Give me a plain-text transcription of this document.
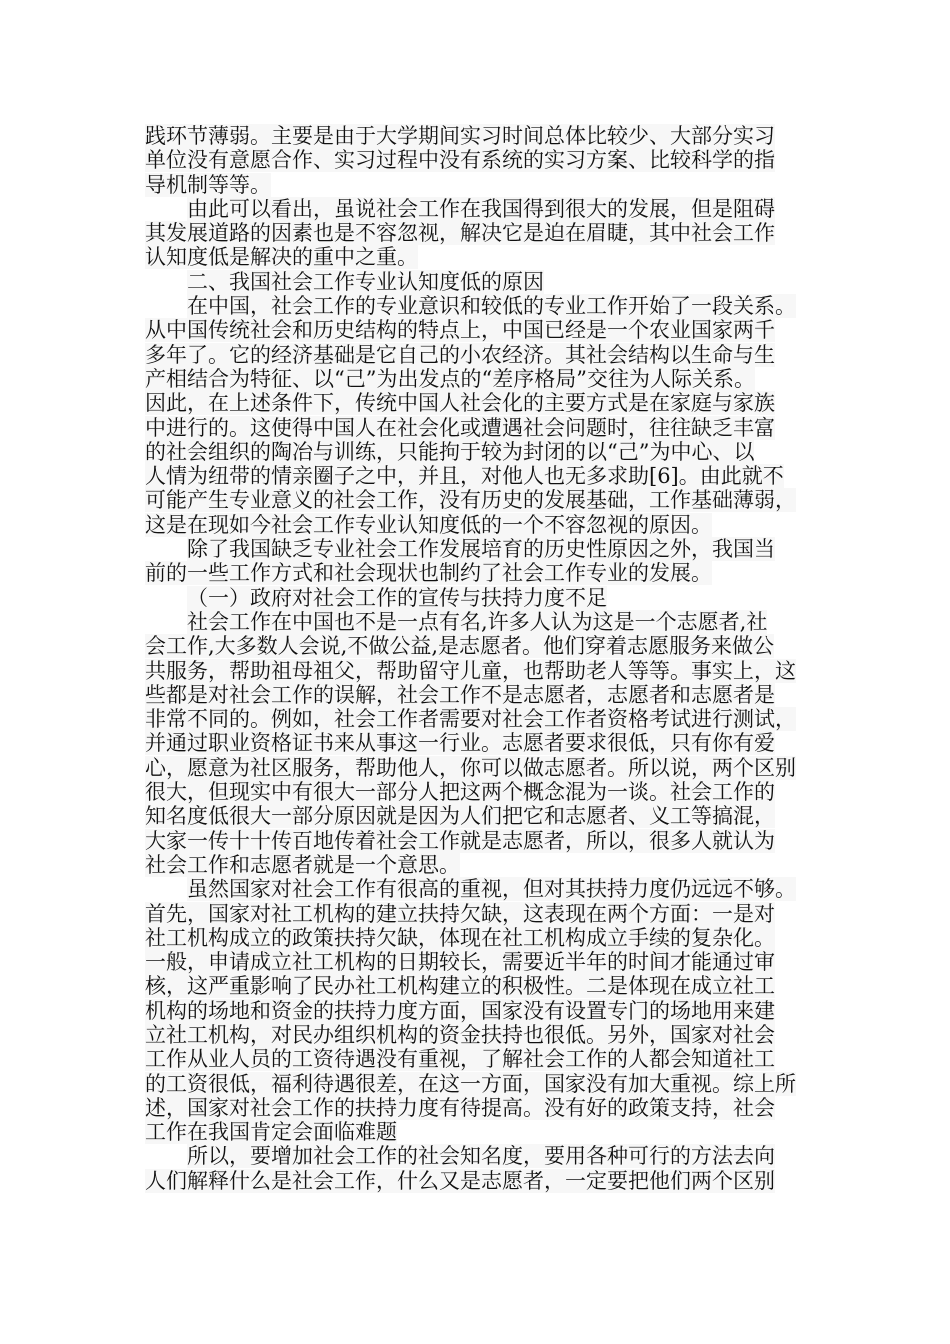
践环节薄弱。主要是由于大学期间实习时间总体比较少、大部分实习
单位没有意愿合作、实习过程中没有系统的实习方案、比较科学的指
导机制等等。
由此可以看出，虽说社会工作在我国得到很大的发展，但是阻碍
其发展道路的因素也是不容忽视，解决它是迫在眉睫，其中社会工作
认知度低是解决的重中之重。
二、我国社会工作专业认知度低的原因
在中国，社会工作的专业意识和较低的专业工作开始了一段关系。
从中国传统社会和历史结构的特点上，中国已经是一个农业国家两千
多年了。它的经济基础是它自己的小农经济。其社会结构以生命与生
产相结合为特征、以“己”为出发点的“差序格局”交往为人际关系。
因此，在上述条件下，传统中国人社会化的主要方式是在家庭与家族
中进行的。这使得中国人在社会化或遭遇社会问题时，往往缺乏丰富
的社会组织的陶冶与训练，只能拘于较为封闭的以“己”为中心、以
人情为纽带的情亲圈子之中，并且，对他人也无多求助[6]。由此就不
可能产生专业意义的社会工作，没有历史的发展基础，工作基础薄弱，
这是在现如今社会工作专业认知度低的一个不容忽视的原因。
除了我国缺乏专业社会工作发展培育的历史性原因之外，我国当
前的一些工作方式和社会现状也制约了社会工作专业的发展。
（一）政府对社会工作的宣传与扶持力度不足
社会工作在中国也不是一点有名,许多人认为这是一个志愿者,社
会工作,大多数人会说,不做公益,是志愿者。他们穿着志愿服务来做公
共服务，帮助祖母祖父，帮助留守儿童，也帮助老人等等。事实上，这
些都是对社会工作的误解，社会工作不是志愿者，志愿者和志愿者是
非常不同的。例如，社会工作者需要对社会工作者资格考试进行测试，
并通过职业资格证书来从事这一行业。志愿者要求很低，只有你有爱
心，愿意为社区服务，帮助他人，你可以做志愿者。所以说，两个区别
很大，但现实中有很大一部分人把这两个概念混为一谈。社会工作的
知名度低很大一部分原因就是因为人们把它和志愿者、义工等搞混，
大家一传十十传百地传着社会工作就是志愿者，所以，很多人就认为
社会工作和志愿者就是一个意思。
虽然国家对社会工作有很高的重视，但对其扶持力度仍远远不够。
首先，国家对社工机构的建立扶持欠缺，这表现在两个方面：一是对
社工机构成立的政策扶持欠缺，体现在社工机构成立手续的复杂化。
一般，申请成立社工机构的日期较长，需要近半年的时间才能通过审
核，这严重影响了民办社工机构建立的积极性。二是体现在成立社工
机构的场地和资金的扶持力度方面，国家没有设置专门的场地用来建
立社工机构，对民办组织机构的资金扶持也很低。另外，国家对社会
工作从业人员的工资待遇没有重视，了解社会工作的人都会知道社工
的工资很低，福利待遇很差，在这一方面，国家没有加大重视。综上所
述，国家对社会工作的扶持力度有待提高。没有好的政策支持，社会
工作在我国肯定会面临难题
所以，要增加社会工作的社会知名度，要用各种可行的方法去向
人们解释什么是社会工作，什么又是志愿者，一定要把他们两个区别
